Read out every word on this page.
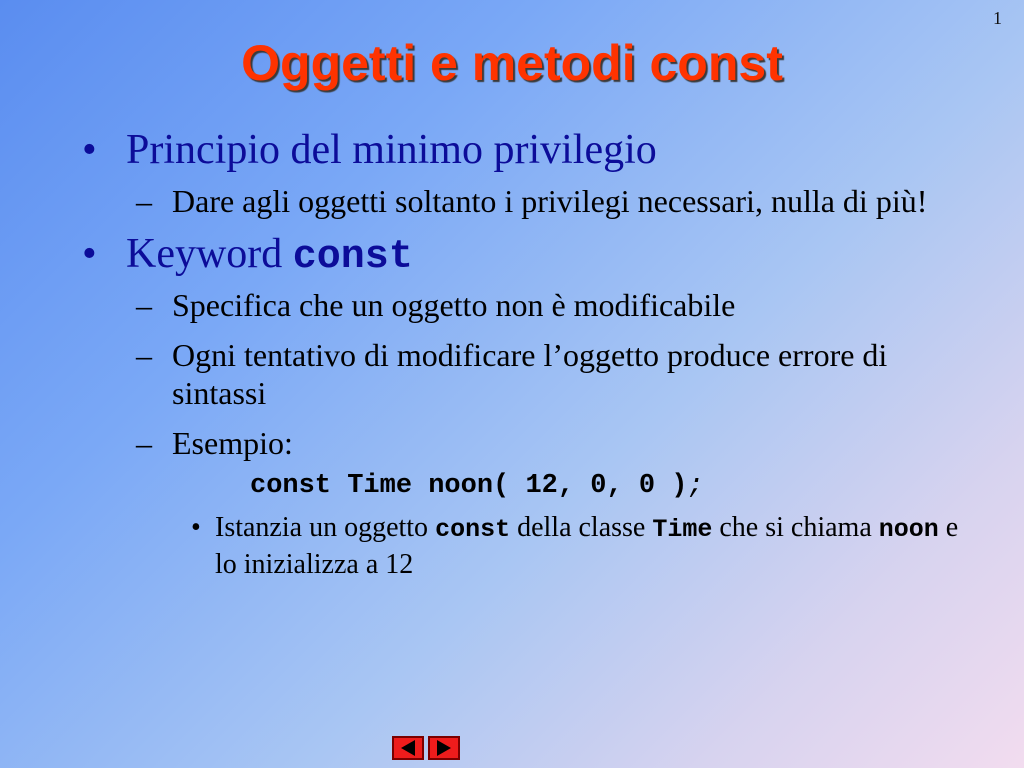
1
Oggetti e metodi const
• Principio del minimo privilegio
– Dare agli oggetti soltanto i privilegi necessari, nulla di più!
• Keyword const
– Specifica che un oggetto non è modificabile
– Ogni tentativo di modificare l’oggetto produce errore di sintassi
– Esempio:
const Time noon( 12, 0, 0 );
• Istanzia un oggetto const della classe Time che si chiama noon e lo inizializza a 12
